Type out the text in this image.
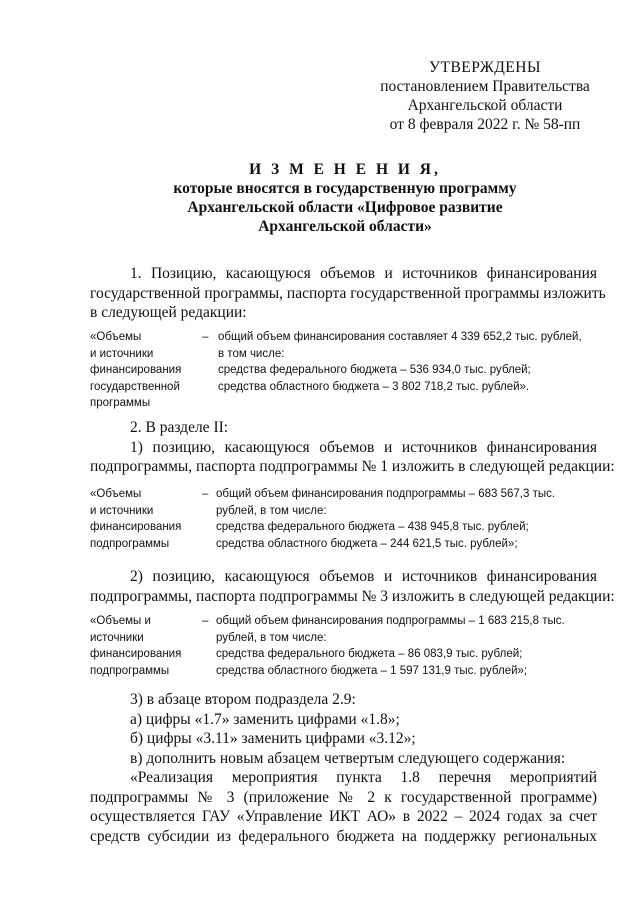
УТВЕРЖДЕНЫ
постановлением Правительства
Архангельской области
от 8 февраля 2022 г. № 58-пп
И З М Е Н Е Н И Я,
которые вносятся в государственную программу
Архангельской области «Цифровое развитие
Архангельской области»
1. Позицию, касающуюся объемов и источников финансирования
государственной программы, паспорта государственной программы изложить
в следующей редакции:
«Объемы
и источники
финансирования
государственной
программы
– общий объем финансирования составляет 4 339 652,2 тыс. рублей,
в том числе:
средства федерального бюджета – 536 934,0 тыс. рублей;
средства областного бюджета – 3 802 718,2 тыс. рублей».
2. В разделе II:
1) позицию, касающуюся объемов и источников финансирования
подпрограммы, паспорта подпрограммы № 1 изложить в следующей редакции:
«Объемы
и источники
финансирования
подпрограммы
– общий объем финансирования подпрограммы – 683 567,3 тыс.
рублей, в том числе:
средства федерального бюджета – 438 945,8 тыс. рублей;
средства областного бюджета – 244 621,5 тыс. рублей»;
2) позицию, касающуюся объемов и источников финансирования
подпрограммы, паспорта подпрограммы № 3 изложить в следующей редакции:
«Объемы и
источники
финансирования
подпрограммы
– общий объем финансирования подпрограммы – 1 683 215,8 тыс.
рублей, в том числе:
средства федерального бюджета – 86 083,9 тыс. рублей;
средства областного бюджета – 1 597 131,9 тыс. рублей»;
3) в абзаце втором подраздела 2.9:
а) цифры «1.7» заменить цифрами «1.8»;
б) цифры «3.11» заменить цифрами «3.12»;
в) дополнить новым абзацем четвертым следующего содержания:
«Реализация мероприятия пункта 1.8 перечня мероприятий
подпрограммы № 3 (приложение № 2 к государственной программе)
осуществляется ГАУ «Управление ИКТ АО» в 2022 – 2024 годах за счет
средств субсидии из федерального бюджета на поддержку региональных
